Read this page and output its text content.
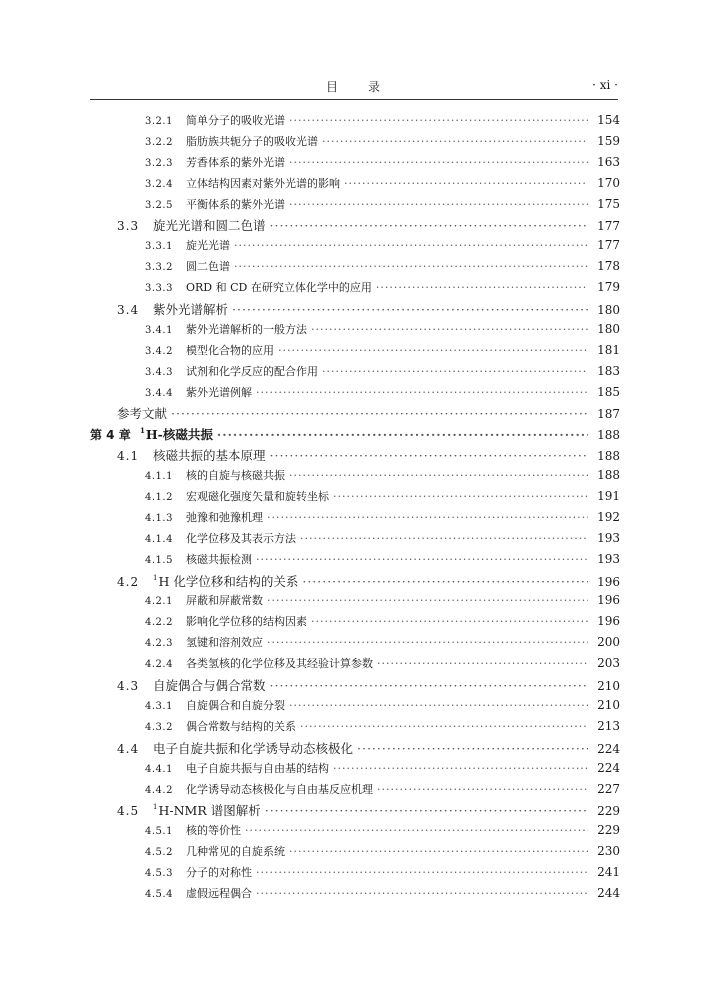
目　　录	· xi ·
3.2.1	简单分子的吸收光谱 ·····	154
3.2.2	脂肪族共轭分子的吸收光谱 ·····	159
3.2.3	芳香体系的紫外光谱 ·····	163
3.2.4	立体结构因素对紫外光谱的影响 ·····	170
3.2.5	平衡体系的紫外光谱 ·····	175
3.3	旋光光谱和圆二色谱 ·····	177
3.3.1	旋光光谱 ·····	177
3.3.2	圆二色谱 ·····	178
3.3.3	ORD 和 CD 在研究立体化学中的应用 ·····	179
3.4	紫外光谱解析 ·····	180
3.4.1	紫外光谱解析的一般方法 ·····	180
3.4.2	模型化合物的应用 ·····	181
3.4.3	试剂和化学反应的配合作用 ·····	183
3.4.4	紫外光谱例解 ·····	185
参考文献 ·····	187
第 4 章	$^1$H-核磁共振 ·····	188
4.1	核磁共振的基本原理 ·····	188
4.1.1	核的自旋与核磁共振 ·····	188
4.1.2	宏观磁化强度矢量和旋转坐标 ·····	191
4.1.3	弛豫和弛豫机理 ·····	192
4.1.4	化学位移及其表示方法 ·····	193
4.1.5	核磁共振检测 ·····	193
4.2	$^1$H 化学位移和结构的关系 ·····	196
4.2.1	屏蔽和屏蔽常数 ·····	196
4.2.2	影响化学位移的结构因素 ·····	196
4.2.3	氢键和溶剂效应 ·····	200
4.2.4	各类氢核的化学位移及其经验计算参数 ·····	203
4.3	自旋偶合与偶合常数 ·····	210
4.3.1	自旋偶合和自旋分裂 ·····	210
4.3.2	偶合常数与结构的关系 ·····	213
4.4	电子自旋共振和化学诱导动态核极化 ·····	224
4.4.1	电子自旋共振与自由基的结构 ·····	224
4.4.2	化学诱导动态核极化与自由基反应机理 ·····	227
4.5	$^1$H-NMR 谱图解析 ·····	229
4.5.1	核的等价性 ·····	229
4.5.2	几种常见的自旋系统 ·····	230
4.5.3	分子的对称性 ·····	241
4.5.4	虚假远程偶合 ·····	244
